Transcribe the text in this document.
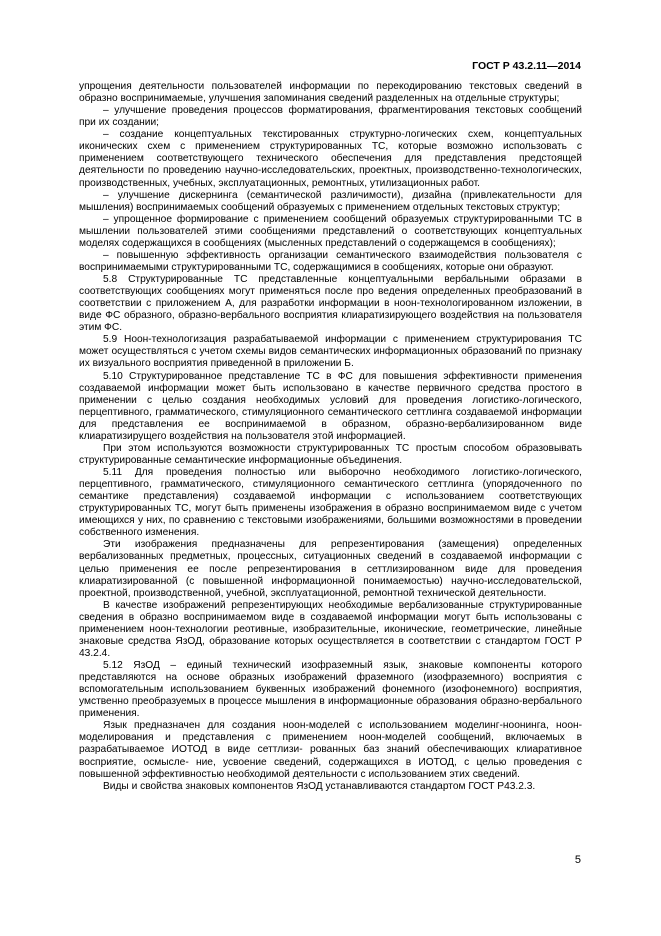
ГОСТ Р 43.2.11—2014

упрощения деятельности пользователей информации по перекодированию текстовых сведений в образно воспринимаемые, улучшения запоминания сведений разделенных на отдельные структуры;

– улучшение проведения процессов форматирования, фрагментирования текстовых сообщений при их создании;

– создание концептуальных текстированных структурно-логических схем, концептуальных иконических схем с применением структурированных ТС, которые возможно использовать с применением соответствующего технического обеспечения для представления предстоящей деятельности по проведению научно-исследовательских, проектных, производственно-технологических, производственных, учебных, эксплуатационных, ремонтных, утилизационных работ.

– улучшение дискернинга (семантической различимости), дизайна (привлекательности для мышления) воспринимаемых сообщений образуемых с применением отдельных текстовых структур;

– упрощенное формирование с применением сообщений образуемых структурированными ТС в мышлении пользователей этими сообщениями представлений о соответствующих концептуальных моделях содержащихся в сообщениях (мысленных представлений о содержащемся в сообщениях);

– повышенную эффективность организации семантического взаимодействия пользователя с воспринимаемыми структурированными ТС, содержащимися в сообщениях, которые они образуют.

5.8 Структурированные ТС представленные концептуальными вербальными образами в соответствующих сообщениях могут применяться после про ведения определенных преобразований в соответствии с приложением А, для разработки информации в ноон-технологированном изложении, в виде ФС образного, образно-вербального восприятия клиаратизирующего воздействия на пользователя этим ФС.

5.9 Ноон-технологизация разрабатываемой информации с применением структурирования ТС может осуществляться с учетом схемы видов семантических информационных образований по признаку их визуального восприятия приведенной в приложении Б.

5.10 Структурированное представление ТС в ФС для повышения эффективности применения создаваемой информации может быть использовано в качестве первичного средства простого в применении с целью создания необходимых условий для проведения логистико-логического, перцептивного, грамматического, стимуляционного семантического сеттлинга создаваемой информации для представления ее воспринимаемой в образном, образно-вербализированном виде клиаратизирущего воздействия на пользователя этой информацией.

При этом используются возможности структурированных ТС простым способом образовывать структурированные семантические информационные объединения.

5.11 Для проведения полностью или выборочно необходимого логистико-логического, перцептивного, грамматического, стимуляционного семантического сеттлинга (упорядоченного по семантике представления) создаваемой информации с использованием соответствующих структурированных ТС, могут быть применены изображения в образно воспринимаемом виде с учетом имеющихся у них, по сравнению с текстовыми изображениями, большими возможностями в проведении собственного изменения.

Эти изображения предназначены для репрезентирования (замещения) определенных вербализованных предметных, процессных, ситуационных сведений в создаваемой информации с целью применения ее после репрезентирования в сеттлизированном виде для проведения клиаратизированной (с повышенной информационной понимаемостью) научно-исследовательской, проектной, производственной, учебной, эксплуатационной, ремонтной технической деятельности.

В качестве изображений репрезентирующих необходимые вербализованные структурированные сведения в образно воспринимаемом виде в создаваемой информации могут быть использованы с применением ноон-технологии реотивные, изобразительные, иконические, геометрические, линейные знаковые средства ЯзОД, образование которых осуществляется в соответствии с стандартом ГОСТ Р 43.2.4.

5.12 ЯзОД – единый технический изофраземный язык, знаковые компоненты которого представляются на основе образных изображений фраземного (изофраземного) восприятия с вспомогательным использованием буквенных изображений фонемного (изофонемного) восприятия, умственно преобразуемых в процессе мышления в информационные образования образно-вербального применения.

Язык предназначен для создания ноон-моделей с использованием моделинг-ноонинга, ноон-моделирования и представления с применением ноон-моделей сообщений, включаемых в разрабатываемое ИОТОД в виде сеттлизи- рованных баз знаний обеспечивающих клиаративное восприятие, осмысле- ние, усвоение сведений, содержащихся в ИОТОД, с целью проведения с повышенной эффективностью необходимой деятельности с использованием этих сведений.

Виды и свойства знаковых компонентов ЯзОД устанавливаются стандартом ГОСТ Р43.2.3.

5
